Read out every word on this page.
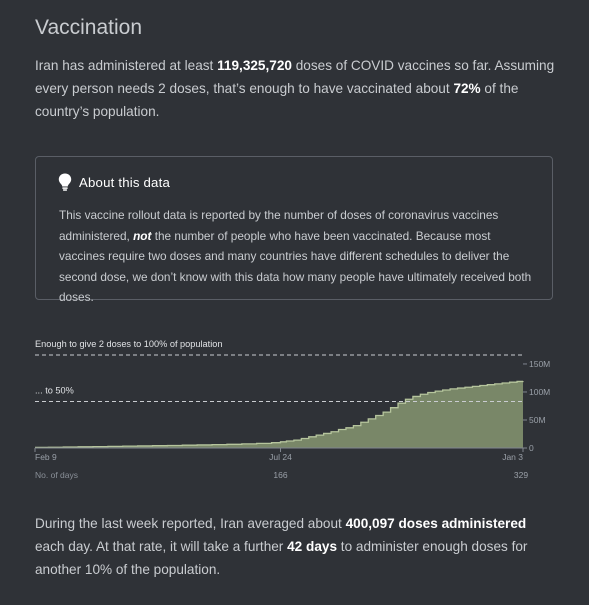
Vaccination

Iran has administered at least 119,325,720 doses of COVID vaccines so far. Assuming every person needs 2 doses, that’s enough to have vaccinated about 72% of the country’s population.

About this data

This vaccine rollout data is reported by the number of doses of coronavirus vaccines administered, not the number of people who have been vaccinated. Because most vaccines require two doses and many countries have different schedules to deliver the second dose, we don’t know with this data how many people have ultimately received both doses.

Enough to give 2 doses to 100% of population
... to 50%
0
50M
100M
150M
Feb 9	Jul 24
166
Jan 3
329
No. of days

During the last week reported, Iran averaged about 400,097 doses administered each day. At that rate, it will take a further 42 days to administer enough doses for another 10% of the population.
